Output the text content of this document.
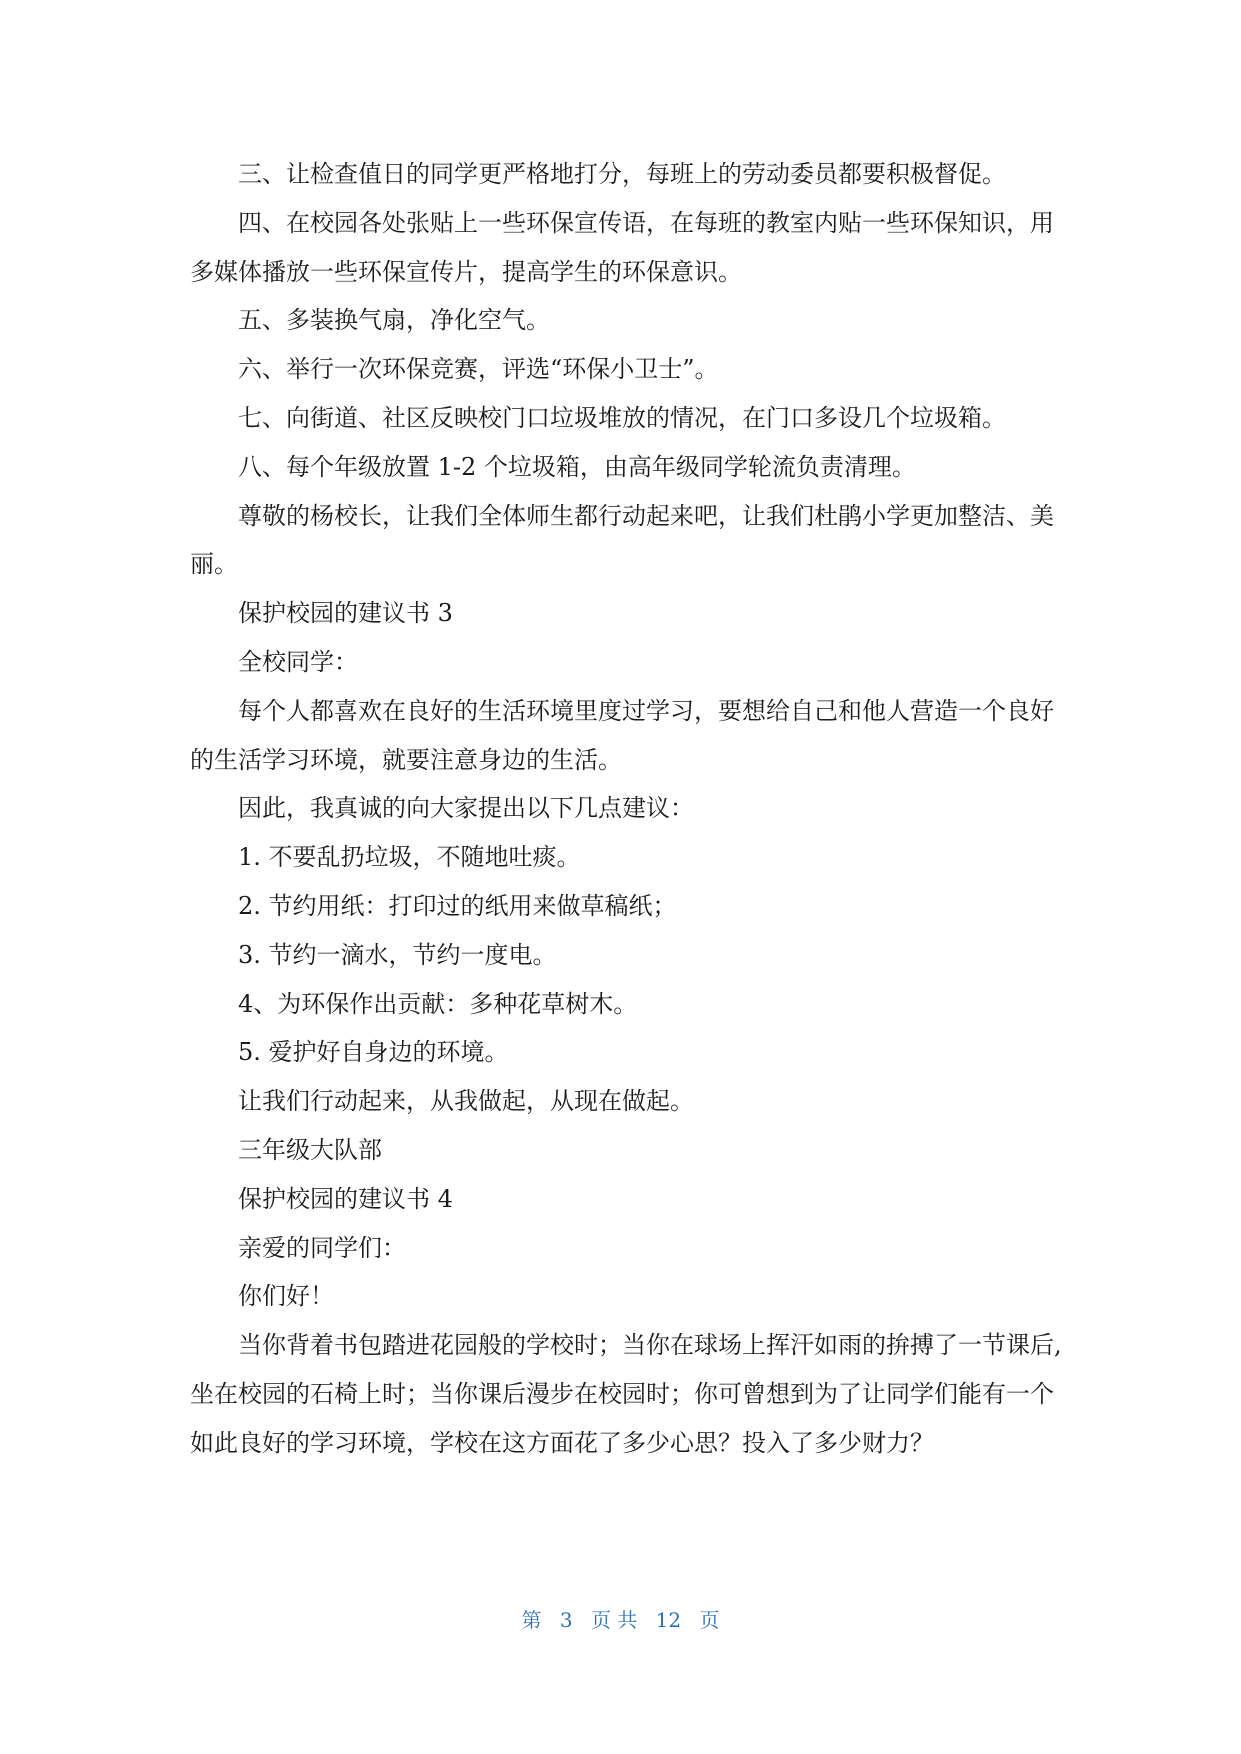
三、让检查值日的同学更严格地打分，每班上的劳动委员都要积极督促。

四、在校园各处张贴上一些环保宣传语，在每班的教室内贴一些环保知识，用多媒体播放一些环保宣传片，提高学生的环保意识。

五、多装换气扇，净化空气。

六、举行一次环保竞赛，评选“环保小卫士”。

七、向街道、社区反映校门口垃圾堆放的情况，在门口多设几个垃圾箱。

八、每个年级放置 1-2 个垃圾箱，由高年级同学轮流负责清理。

尊敬的杨校长，让我们全体师生都行动起来吧，让我们杜鹃小学更加整洁、美丽。

保护校园的建议书 3

全校同学：

每个人都喜欢在良好的生活环境里度过学习，要想给自己和他人营造一个良好的生活学习环境，就要注意身边的生活。

因此，我真诚的向大家提出以下几点建议：

1. 不要乱扔垃圾，不随地吐痰。

2. 节约用纸：打印过的纸用来做草稿纸；

3. 节约一滴水，节约一度电。

4、为环保作出贡献：多种花草树木。

5. 爱护好自身边的环境。

让我们行动起来，从我做起，从现在做起。

三年级大队部

保护校园的建议书 4

亲爱的同学们：

你们好！

当你背着书包踏进花园般的学校时；当你在球场上挥汗如雨的拚搏了一节课后,坐在校园的石椅上时；当你课后漫步在校园时；你可曾想到为了让同学们能有一个如此良好的学习环境，学校在这方面花了多少心思？投入了多少财力？

第 3 页 共 12 页
